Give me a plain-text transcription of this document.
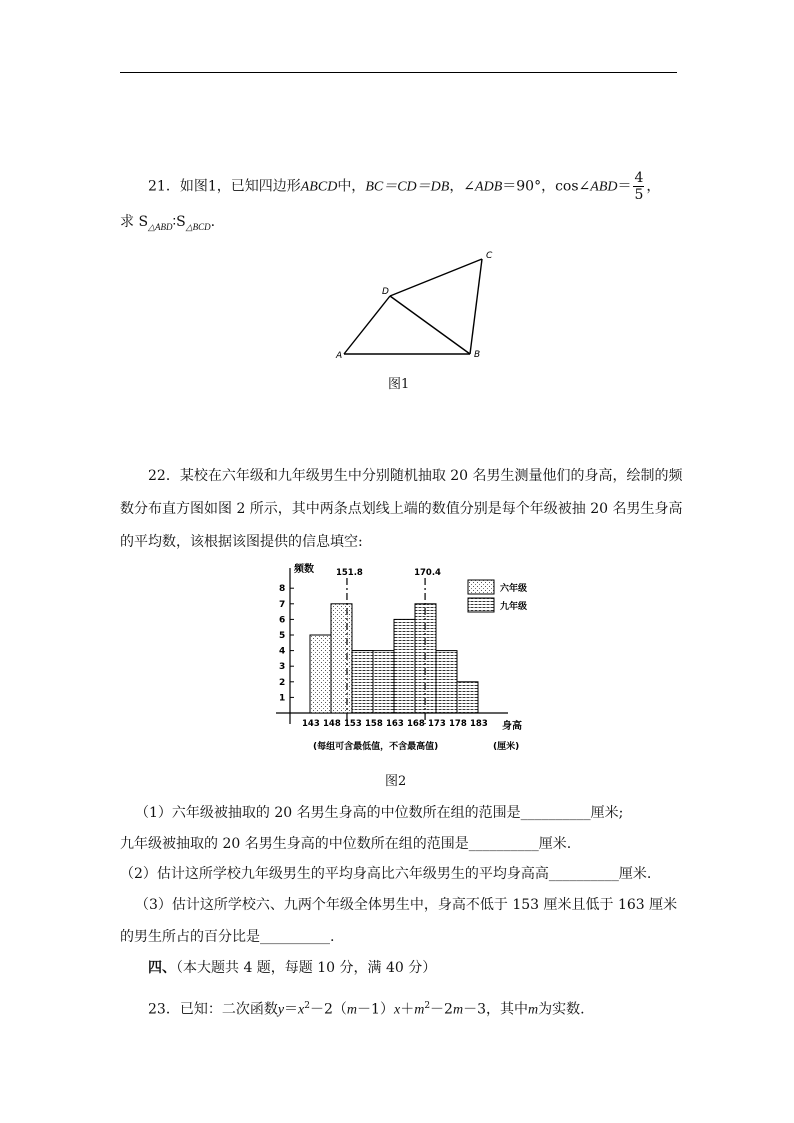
21．如图1，已知四边形ABCD中，BC＝CD＝DB，∠ADB＝90°，cos∠ABD＝ $\frac{4}{5}$ ，
求 $S_{\triangle ABD}∶S_{\triangle BCD}$.
A	B
C
D
图1
22．某校在六年级和九年级男生中分别随机抽取 20 名男生测量他们的身高，绘制的频
数分布直方图如图 2 所示，其中两条点划线上端的数值分别是每个年级被抽 20 名男生身高
的平均数，该根据该图提供的信息填空:
频数
身高
(每组可含最低值，不含最高值)	(厘米)
六年级
九年级
1
2
3
4
5
6
7
8
143 148 153 158 163 168 173 178 183
151.8	170.4
图2
（1）六年级被抽取的 20 名男生身高的中位数所在组的范围是__________厘米;
九年级被抽取的 20 名男生身高的中位数所在组的范围是__________厘米.
（2）估计这所学校九年级男生的平均身高比六年级男生的平均身高高__________厘米.
（3）估计这所学校六、九两个年级全体男生中，身高不低于 153 厘米且低于 163 厘米
的男生所占的百分比是__________.
四、（本大题共 4 题，每题 10 分，满 40 分）
23．已知：二次函数$y=x^2-2(m-1)x+m^2-2m-3$，其中m为实数.
